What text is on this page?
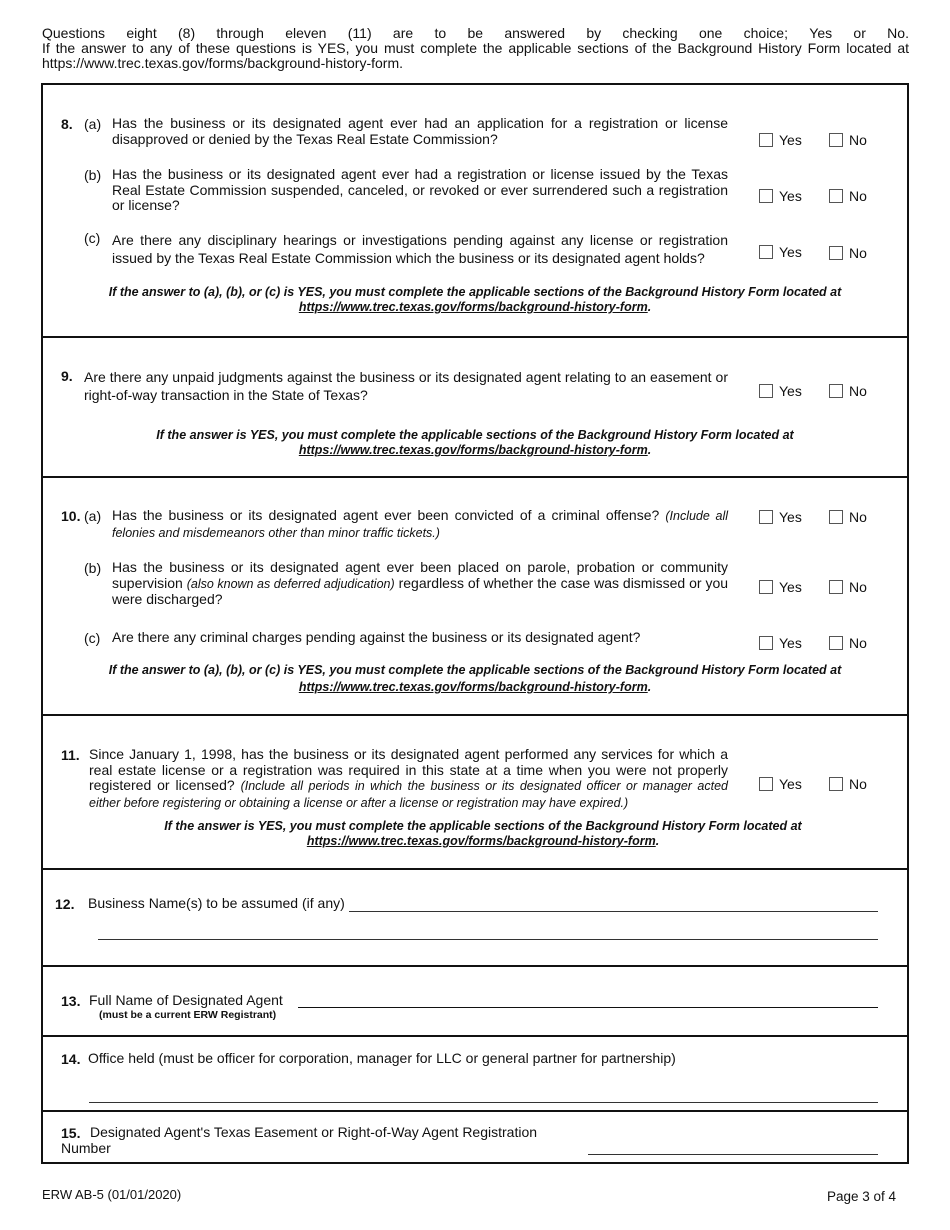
Questions eight (8) through eleven (11) are to be answered by checking one choice; Yes or No.
If the answer to any of these questions is YES, you must complete the applicable sections of the Background History Form located at
https://www.trec.texas.gov/forms/background-history-form.
8. (a) Has the business or its designated agent ever had an application for a registration or license disapproved or denied by the Texas Real Estate Commission?	Yes	No
(b) Has the business or its designated agent ever had a registration or license issued by the Texas Real Estate Commission suspended, canceled, or revoked or ever surrendered such a registration or license?
Yes	No
(c) Are there any disciplinary hearings or investigations pending against any license or registration issued by the Texas Real Estate Commission which the business or its designated agent holds?	Yes	No
If the answer to (a), (b), or (c) is YES, you must complete the applicable sections of the Background History Form located at
https://www.trec.texas.gov/forms/background-history-form.
9. Are there any unpaid judgments against the business or its designated agent relating to an easement or right-of-way transaction in the State of Texas?	Yes	No
If the answer is YES, you must complete the applicable sections of the Background History Form located at
https://www.trec.texas.gov/forms/background-history-form.
10. (a) Has the business or its designated agent ever been convicted of a criminal offense? (Include all felonies and misdemeanors other than minor traffic tickets.)
Yes	No
(b) Has the business or its designated agent ever been placed on parole, probation or community supervision (also known as deferred adjudication) regardless of whether the case was dismissed or you were discharged?
Yes	No
(c) Are there any criminal charges pending against the business or its designated agent?	Yes	No
If the answer to (a), (b), or (c) is YES, you must complete the applicable sections of the Background History Form located at
https://www.trec.texas.gov/forms/background-history-form.
11. Since January 1, 1998, has the business or its designated agent performed any services for which a real estate license or a registration was required in this state at a time when you were not properly registered or licensed? (Include all periods in which the business or its designated officer or manager acted either before registering or obtaining a license or after a license or registration may have expired.)
Yes	No
If the answer is YES, you must complete the applicable sections of the Background History Form located at
https://www.trec.texas.gov/forms/background-history-form.
12. Business Name(s) to be assumed (if any)
13. Full Name of Designated Agent
(must be a current ERW Registrant)
14. Office held (must be officer for corporation, manager for LLC or general partner for partnership)
15. Designated Agent's Texas Easement or Right-of-Way Agent Registration
Number
ERW AB-5 (01/01/2020)	Page 3 of 4
